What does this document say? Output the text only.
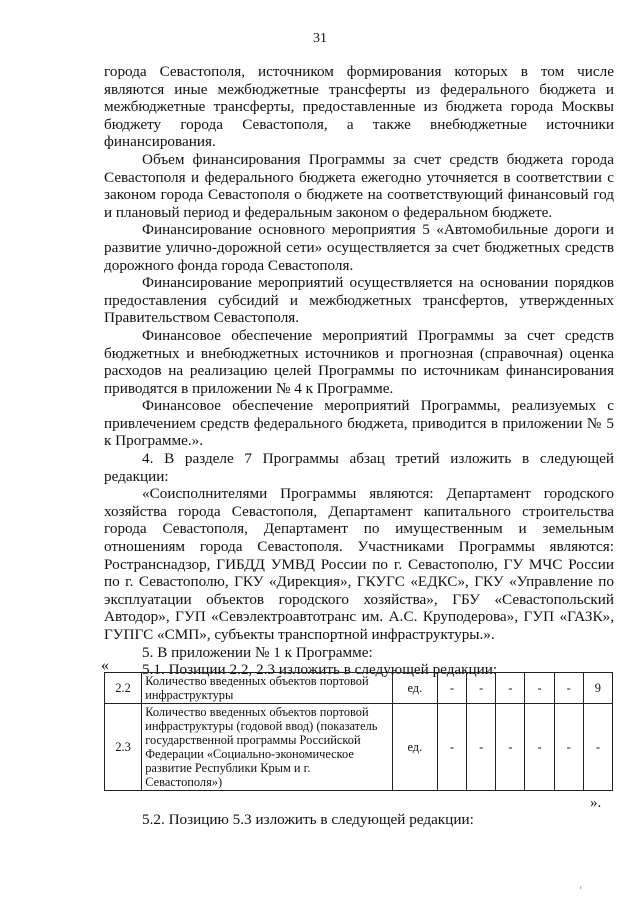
31

города Севастополя, источником формирования которых в том числе являются иные межбюджетные трансферты из федерального бюджета и межбюджетные трансферты, предоставленные из бюджета города Москвы бюджету города Севастополя, а также внебюджетные источники финансирования.

Объем финансирования Программы за счет средств бюджета города Севастополя и федерального бюджета ежегодно уточняется в соответствии с законом города Севастополя о бюджете на соответствующий финансовый год и плановый период и федеральным законом о федеральном бюджете.

Финансирование основного мероприятия 5 «Автомобильные дороги и развитие улично-дорожной сети» осуществляется за счет бюджетных средств дорожного фонда города Севастополя.

Финансирование мероприятий осуществляется на основании порядков предоставления субсидий и межбюджетных трансфертов, утвержденных Правительством Севастополя.

Финансовое обеспечение мероприятий Программы за счет средств бюджетных и внебюджетных источников и прогнозная (справочная) оценка расходов на реализацию целей Программы по источникам финансирования приводятся в приложении № 4 к Программе.

Финансовое обеспечение мероприятий Программы, реализуемых с привлечением средств федерального бюджета, приводится в приложении № 5 к Программе.».

4. В разделе 7 Программы абзац третий изложить в следующей редакции:

«Соисполнителями Программы являются: Департамент городского хозяйства города Севастополя, Департамент капитального строительства города Севастополя, Департамент по имущественным и земельным отношениям города Севастополя. Участниками Программы являются: Ространснадзор, ГИБДД УМВД России по г. Севастополю, ГУ МЧС России по г. Севастополю, ГКУ «Дирекция», ГКУГС «ЕДКС», ГКУ «Управление по эксплуатации объектов городского хозяйства», ГБУ «Севастопольский Автодор», ГУП «Севэлектроавтотранс им. А.С. Круподерова», ГУП «ГАЗК», ГУПГС «СМП», субъекты транспортной инфраструктуры.».

5. В приложении № 1 к Программе:

5.1. Позиции 2.2, 2.3 изложить в следующей редакции:

«
2.2	Количество введенных объектов портовой инфраструктуры	ед.	-	-	-	-	-	9
2.3	Количество введенных объектов портовой инфраструктуры (годовой ввод) (показатель государственной программы Российской Федерации «Социально-экономическое развитие Республики Крым и г. Севастополя»)	ед.	-	-	-	-	-	-
».
5.2. Позицию 5.3 изложить в следующей редакции:
ᵣ
